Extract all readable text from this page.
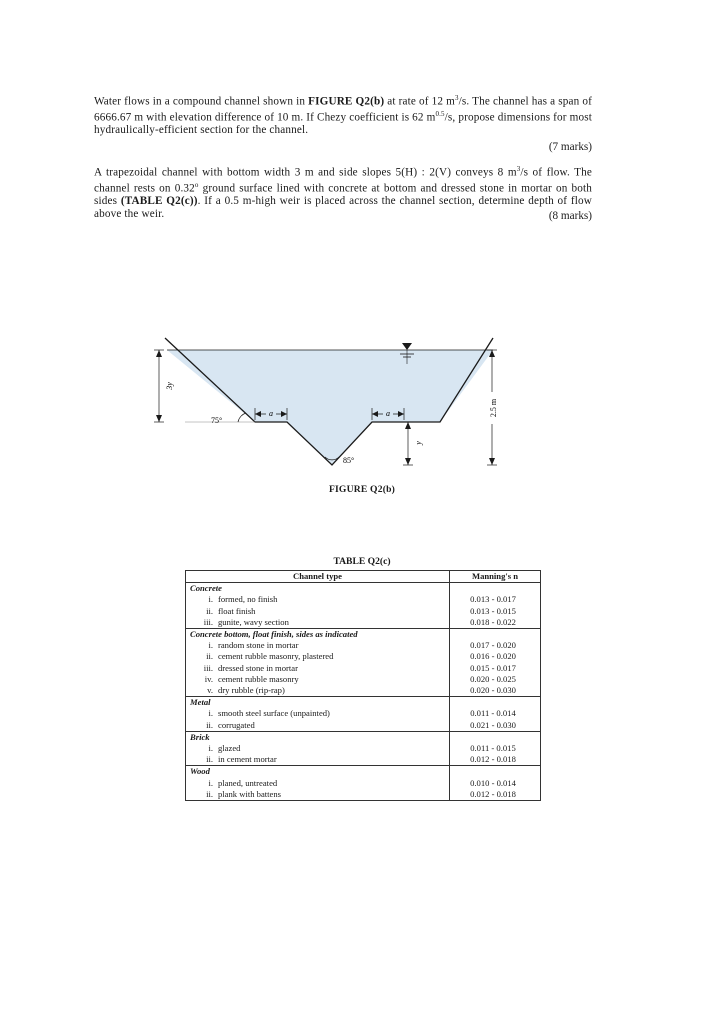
Water flows in a compound channel shown in FIGURE Q2(b) at rate of 12 $m^3/s$. The channel has a span of 6666.67 m with elevation difference of 10 m. If Chezy coefficient is 62 $m^{0.5}/s$, propose dimensions for most hydraulically-efficient section for the channel.
(7 marks)
A trapezoidal channel with bottom width 3 m and side slopes 5(H) : 2(V) conveys 8 $m^3/s$ of flow. The channel rests on 0.32$^o$ ground surface lined with concrete at bottom and dressed stone in mortar on both sides (TABLE Q2(c)). If a 0.5 m-high weir is placed across the channel section, determine depth of flow above the weir.	(8 marks)
3y
2.5 m
y
a	a
75°
85°
FIGURE Q2(b)
TABLE Q2(c)
Channel type	Manning's n
Concrete	

i. formed, no finish	0.013 - 0.017

ii. float finish	0.013 - 0.015

iii. gunite, wavy section	0.018 - 0.022
Concrete bottom, float finish, sides as indicated	

i. random stone in mortar	0.017 - 0.020

ii. cement rubble masonry, plastered	0.016 - 0.020

iii. dressed stone in mortar	0.015 - 0.017

iv. cement rubble masonry	0.020 - 0.025

v. dry rubble (rip-rap)	0.020 - 0.030
Metal	

i. smooth steel surface (unpainted)	0.011 - 0.014

ii. corrugated	0.021 - 0.030
Brick	

i. glazed	0.011 - 0.015

ii. in cement mortar	0.012 - 0.018
Wood	

i. planed, untreated	0.010 - 0.014

ii. plank with battens	0.012 - 0.018
